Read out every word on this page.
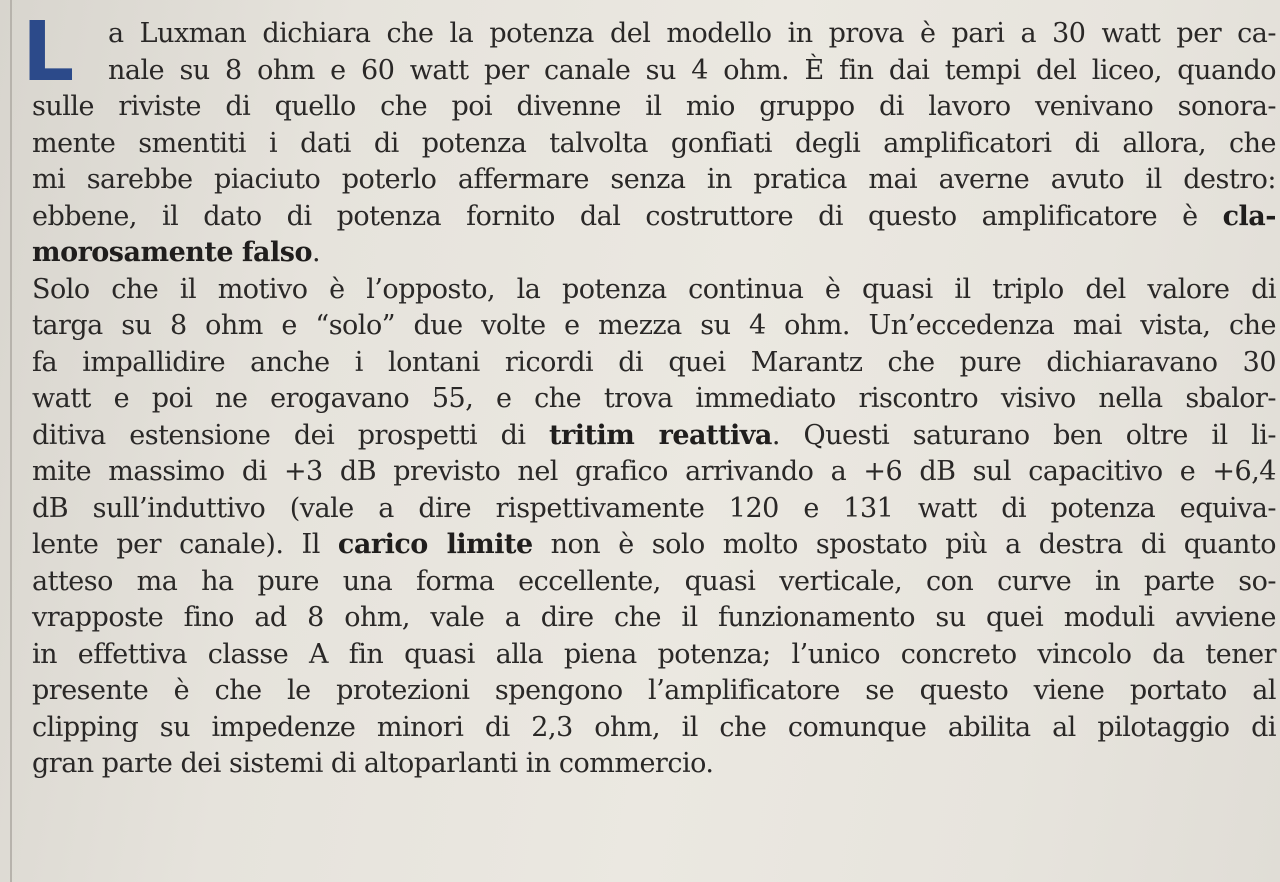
L	a Luxman dichiara che la potenza del modello in prova è pari a 30 watt per ca-
nale su 8 ohm e 60 watt per canale su 4 ohm. È fin dai tempi del liceo, quando
sulle riviste di quello che poi divenne il mio gruppo di lavoro venivano sonora-
mente smentiti i dati di potenza talvolta gonfiati degli amplificatori di allora, che
mi sarebbe piaciuto poterlo affermare senza in pratica mai averne avuto il destro:
ebbene, il dato di potenza fornito dal costruttore di questo amplificatore è cla-
morosamente falso.
Solo che il motivo è l’opposto, la potenza continua è quasi il triplo del valore di
targa su 8 ohm e “solo” due volte e mezza su 4 ohm. Un’eccedenza mai vista, che
fa impallidire anche i lontani ricordi di quei Marantz che pure dichiaravano 30
watt e poi ne erogavano 55, e che trova immediato riscontro visivo nella sbalor-
ditiva estensione dei prospetti di tritim reattiva. Questi saturano ben oltre il li-
mite massimo di +3 dB previsto nel grafico arrivando a +6 dB sul capacitivo e +6,4
dB sull’induttivo (vale a dire rispettivamente 120 e 131 watt di potenza equiva-
lente per canale). Il carico limite non è solo molto spostato più a destra di quanto
atteso ma ha pure una forma eccellente, quasi verticale, con curve in parte so-
vrapposte fino ad 8 ohm, vale a dire che il funzionamento su quei moduli avviene
in effettiva classe A fin quasi alla piena potenza; l’unico concreto vincolo da tener
presente è che le protezioni spengono l’amplificatore se questo viene portato al
clipping su impedenze minori di 2,3 ohm, il che comunque abilita al pilotaggio di
gran parte dei sistemi di altoparlanti in commercio.
